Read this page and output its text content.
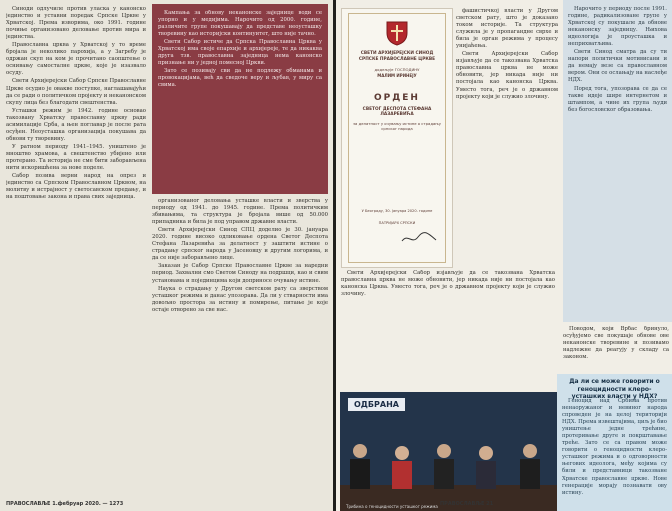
Синоди одлучиле против уласка у канонско јединство и уставни поредак Српске Цркве у Хрватској. Према изворима, око 1991. године почиње организовано деловање против мира и јединства.

Православна црква у Хрватској у то време бројала је неколико парохија, а у Загребу је одржан скуп на ком је прочитано саопштење о оснивању самосталне цркве, које је изазвало осуду.

Свети Архијерејски Сабор Српске Православне Цркве осудио је овакве поступке, наглашавајући да се ради о политичком пројекту и неканонском скупу лица без благодати свештенства.

Усташки режим је 1942. године основао такозвану Хрватску православну цркву ради асимилације Срба, а њен поглавар је после рата осуђен. Неоусташка организација покушава да обнови ту творевину.

У ратном периоду 1941–1945. уништено је мноштво храмова, а свештенство убијено или протерано. Та историја не сме бити заборављена нити искоришћена за нове поделе.

Сабор позива верни народ на опрез и јединство са Српском Православном Црквом, на молитву и истрајност у светосавском предању, и на поштовање закона и права свих заједница.

Кампања за обнову неканонске заједнице води се упорно и у медијима. Нарочито од 2000. године, различите групе покушавају да представе неоусташку творевину као историјски континуитет, што није тачно.

Свети Сабор истиче да Српска Православна Црква у Хрватској има своје епархије и архијереје, те да никаква друга тзв. православна заједница нема канонско признање ни у једној помесној Цркви.

Зато се позивају сви да не подлежу обманама и провокацијама, већ да сведоче веру и љубав, у миру са свима.

организованог деловања усташке власти и зверства у периоду од 1941. до 1945. године. Према политичким збивањима, та структура је бројала више од 50.000 припадника и била је под управом државне власти.

Свети Архијерејски Синод СПЦ доделио је 30. јануара 2020. године високо одликовање ордена Светог Деспота Стефана Лазаревића за делатност у заштити истине о страдању српског народа у Јасеновцу и другим логорима, и да се није заборављено лице.

Заказан је Сабор Српске Православне Цркве за наредни период. Захвални смо Светом Синоду на подршци, као и свим установама и појединцима који доприносе очувању истине.

Наука о страдању у Другом светском рату са зверством усташког режима и данас упозорава. Да ли у стварности има довољно простора за истину и помирење, питање је које остаје отворено за све нас.

ПРАВОСЛАВЉЕ 1.фебруар 2020. — 1273
СВЕТИ АРХИЈЕРЕЈСКИ СИНОД
СРПСКЕ ПРАВОСЛАВНЕ ЦРКВЕ
додељује ГОСПОДИНУ
МАЛИМ ИРИНЕЈУ
ОРДЕН
СВЕТОГ ДЕСПОТА СТЕФАНА ЛАЗАРЕВИЋА
за делатност у очувању истине о страдању српског народа
У Београду, 30. јануара 2020. године
ПАТРИЈАРХ СРПСКИ

фашистичкој власти у Другом светском рату, што је доказано током историје. Та структура служила је у пропагандне сврхе и била је орган режима у процесу унијаћења.

Свети Архијерејски Сабор изјављује да се такозвана Хрватска православна црква не може обновити, јер никада није ни постојала као канонска Црква. Уместо тога, реч је о државном пројекту који је служио злочину.

Свети Архијерејски Сабор изјављује да се такозвана Хрватска православна црква не може обновити, јер никада није ни постојала као канонска Црква. Уместо тога, реч је о државном пројекту који је служио злочину.

Нарочито у периоду после 1991. године, радикализоване групе у Хрватској су покушале да обнове неканонску заједницу. Њихова идеологија је проусташка и неприхватљива.

Свети Синод сматра да су ти напори политички мотивисани и да немају везе са православном вером. Они се ослањају на наслеђе НДХ.

Поред тога, упозорава се да се такве идеје шире интернетом и штампом, а чине их група људи без богословског образовања.

Поводом, који Врбас бринулo, осуђујемо све покушаје обнове ове неканонске творевине и позивамо надлежне да реагују у складу са законом.

ОДБРАНА
Трибина о геноцидности усташког режима
Да ли се може говорити о геноцидности клеро-усташких власти у НДХ?

Геноцид над Србима против ненаоружаног и невиног народа спроведен је на целој територији НДХ. Према извештајима, циљ је био уништење једне трећине, протеривање друге и покрштавање треће. Зато се са правом може говорити о геноцидности клеро-усташког режима и о одговорности његових идеолога, међу којима су били и представници такозване Хрватске православне цркве. Нове генерације морају познавати ову истину.

ПРАВОСЛАВЉЕ 21
